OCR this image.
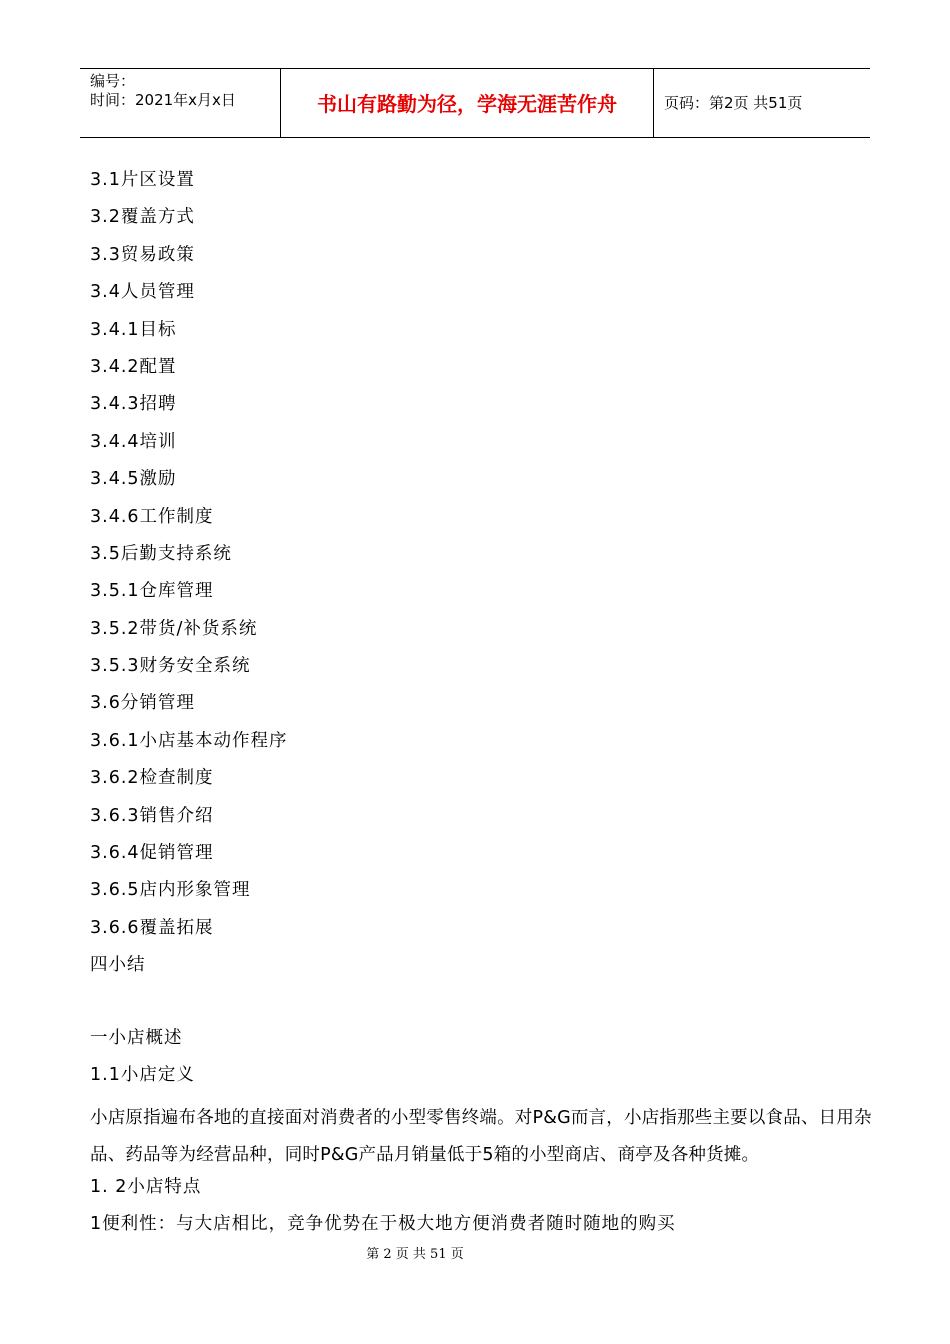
编号：
时间：2021年x月x日	书山有路勤为径，学海无涯苦作舟	页码：第2页 共51页
3.1片区设置
3.2覆盖方式
3.3贸易政策
3.4人员管理
3.4.1目标
3.4.2配置
3.4.3招聘
3.4.4培训
3.4.5激励
3.4.6工作制度
3.5后勤支持系统
3.5.1仓库管理
3.5.2带货/补货系统
3.5.3财务安全系统
3.6分销管理
3.6.1小店基本动作程序
3.6.2检查制度
3.6.3销售介绍
3.6.4促销管理
3.6.5店内形象管理
3.6.6覆盖拓展
四小结
一小店概述
1.1小店定义

小店原指遍布各地的直接面对消费者的小型零售终端。对P&G而言，小店指那些主要以食品、日用杂品、药品等为经营品种，同时P&G产品月销量低于5箱的小型商店、商亭及各种货摊。

1. 2小店特点
1便利性：与大店相比，竞争优势在于极大地方便消费者随时随地的购买
第 2 页 共 51 页
